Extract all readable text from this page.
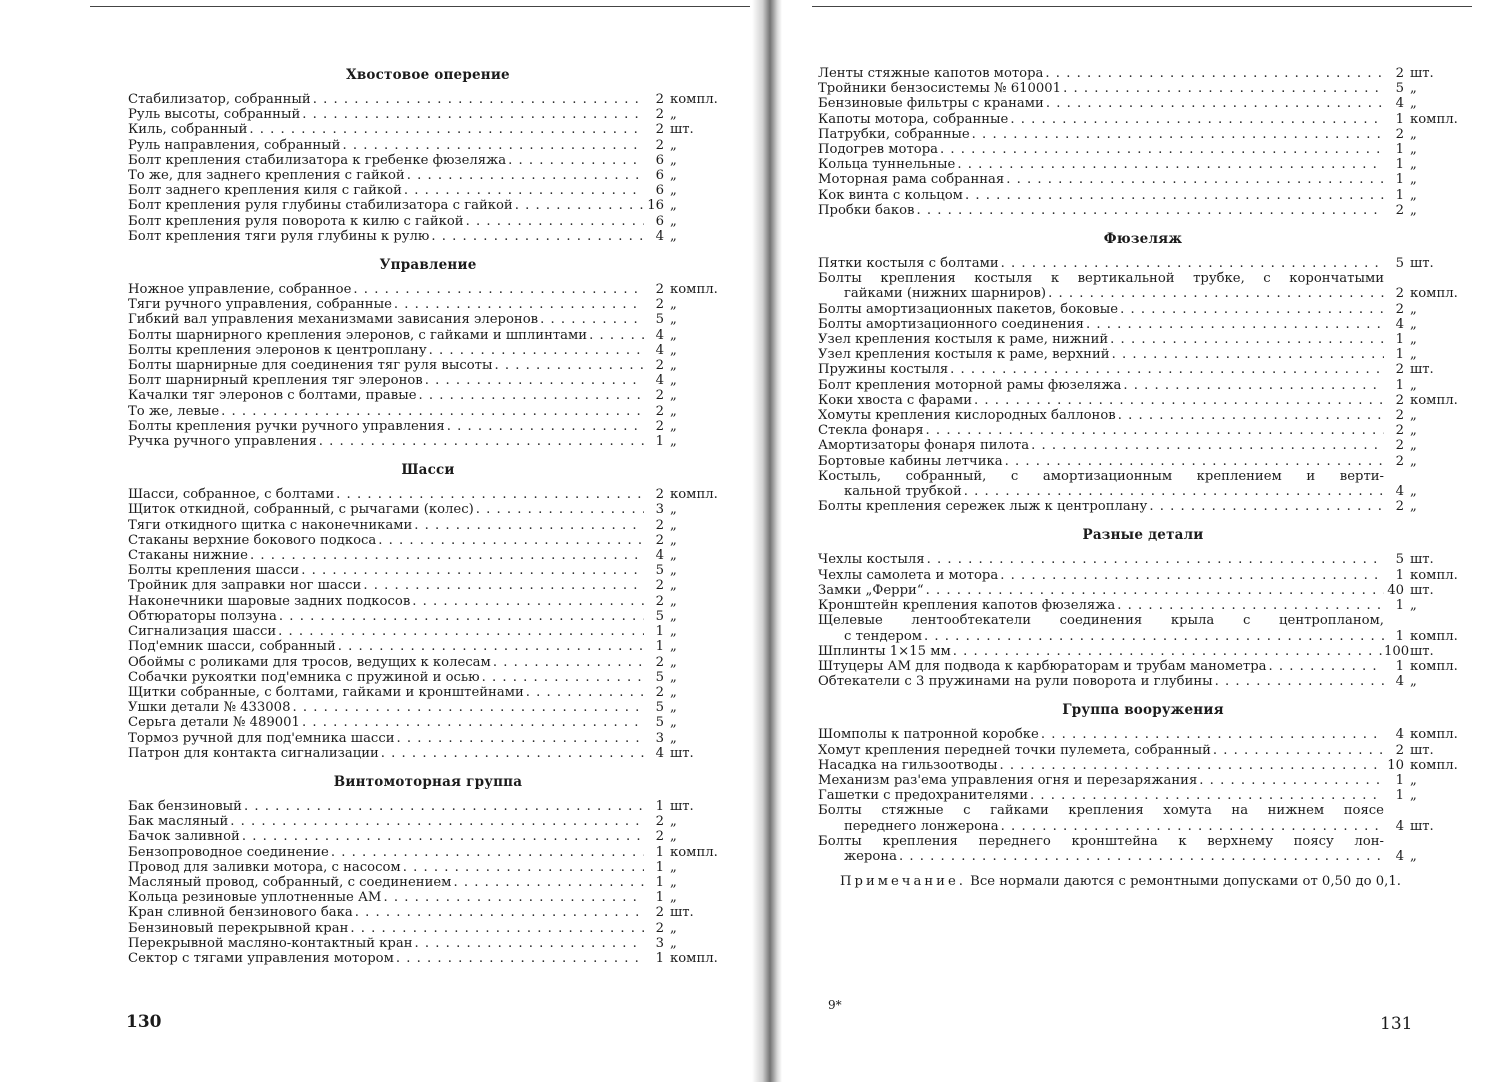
Хвостовое оперение
Стабилизатор, собранный . . .	2 компл.
Руль высоты, собранный . . .	2 „
Киль, собранный . . .	2 шт.
Руль направления, собранный . . .	2 „
Болт крепления стабилизатора к гребенке фюзеляжа . . .	6 „
То же, для заднего крепления с гайкой . . .	6 „
Болт заднего крепления киля с гайкой . . .	6 „
Болт крепления руля глубины стабилизатора с гайкой . . .	16 „
Болт крепления руля поворота к килю с гайкой . . .	6 „
Болт крепления тяги руля глубины к рулю . . .	4 „
Управление
Ножное управление, собранное . . .	2 компл.
Тяги ручного управления, собранные . . .	2 „
Гибкий вал управления механизмами зависания элеронов . . .	5 „
Болты шарнирного крепления элеронов, с гайками и шплинтами . . .	4 „
Болты крепления элеронов к центроплану . . .	4 „
Болты шарнирные для соединения тяг руля высоты . . .	2 „
Болт шарнирный крепления тяг элеронов . . .	4 „
Качалки тяг элеронов с болтами, правые . . .	2 „
То же, левые . . .	2 „
Болты крепления ручки ручного управления . . .	2 „
Ручка ручного управления . . .	1 „
Шасси
Шасси, собранное, с болтами . . .	2 компл.
Щиток откидной, собранный, с рычагами (колес) . . .	3 „
Тяги откидного щитка с наконечниками . . .	2 „
Стаканы верхние бокового подкоса . . .	2 „
Стаканы нижние . . .	4 „
Болты крепления шасси . . .	5 „
Тройник для заправки ног шасси . . .	2 „
Наконечники шаровые задних подкосов . . .	2 „
Обтюраторы ползуна . . .	5 „
Сигнализация шасси . . .	1 „
Под'емник шасси, собранный . . .	1 „
Обоймы с роликами для тросов, ведущих к колесам . . .	2 „
Собачки рукоятки под'емника с пружиной и осью . . .	5 „
Щитки собранные, с болтами, гайками и кронштейнами . . .	2 „
Ушки детали № 433008 . . .	5 „
Серьга детали № 489001 . . .	5 „
Тормоз ручной для под'емника шасси . . .	3 „
Патрон для контакта сигнализации . . .	4 шт.
Винтомоторная группа
Бак бензиновый . . .	1 шт.
Бак масляный . . .	2 „
Бачок заливной . . .	2 „
Бензопроводное соединение . . .	1 компл.
Провод для заливки мотора, с насосом . . .	1 „
Масляный провод, собранный, с соединением . . .	1 „
Кольца резиновые уплотненные АМ . . .	1 „
Кран сливной бензинового бака . . .	2 шт.
Бензиновый перекрывной кран . . .	2 „
Перекрывной масляно-контактный кран . . .	3 „
Сектор с тягами управления мотором . . .	1 компл.
130
Ленты стяжные капотов мотора . . .	2 шт.
Тройники бензосистемы № 610001 . . .	5 „
Бензиновые фильтры с кранами . . .	4 „
Капоты мотора, собранные . . .	1 компл.
Патрубки, собранные . . .	2 „
Подогрев мотора . . .	1 „
Кольца туннельные . . .	1 „
Моторная рама собранная . . .	1 „
Кок винта с кольцом . . .	1 „
Пробки баков . . .	2 „
Фюзеляж
Пятки костыля с болтами . . .	5 шт.
Болты крепления костыля к вертикальной трубке, с корончатыми
гайками (нижних шарниров) . . .	2 компл.
Болты амортизационных пакетов, боковые . . .	2 „
Болты амортизационного соединения . . .	4 „
Узел крепления костыля к раме, нижний . . .	1 „
Узел крепления костыля к раме, верхний . . .	1 „
Пружины костыля . . .	2 шт.
Болт крепления моторной рамы фюзеляжа . . .	1 „
Коки хвоста с фарами . . .	2 компл.
Хомуты крепления кислородных баллонов . . .	2 „
Стекла фонаря . . .	2 „
Амортизаторы фонаря пилота . . .	2 „
Бортовые кабины летчика . . .	2 „
Костыль, собранный, с амортизационным креплением и верти-
кальной трубкой . . .	4 „
Болты крепления сережек лыж к центроплану . . .	2 „
Разные детали
Чехлы костыля . . .	5 шт.
Чехлы самолета и мотора . . .	1 компл.
Замки „Ферри“ . . .	40 шт.
Кронштейн крепления капотов фюзеляжа . . .	1 „
Щелевые лентообтекатели соединения крыла с центропланом,
с тендером . . .	1 компл.
Шплинты 1×15 мм . . .	100 шт.
Штуцеры АМ для подвода к карбюраторам и трубам манометра . . .	1 компл.
Обтекатели с 3 пружинами на рули поворота и глубины . . .	4 „
Группа вооружения
Шомполы к патронной коробке . . .	4 компл.
Хомут крепления передней точки пулемета, собранный . . .	2 шт.
Насадка на гильзоотводы . . .	10 компл.
Механизм раз'ема управления огня и перезаряжания . . .	1 „
Гашетки с предохранителями . . .	1 „
Болты стяжные с гайками крепления хомута на нижнем поясе
переднего лонжерона . . .	4 шт.
Болты крепления переднего кронштейна к верхнему поясу лон-
жерона . . .	4 „
Примечание. Все нормали даются с ремонтными допусками от 0,50 до 0,1.
9*
131
